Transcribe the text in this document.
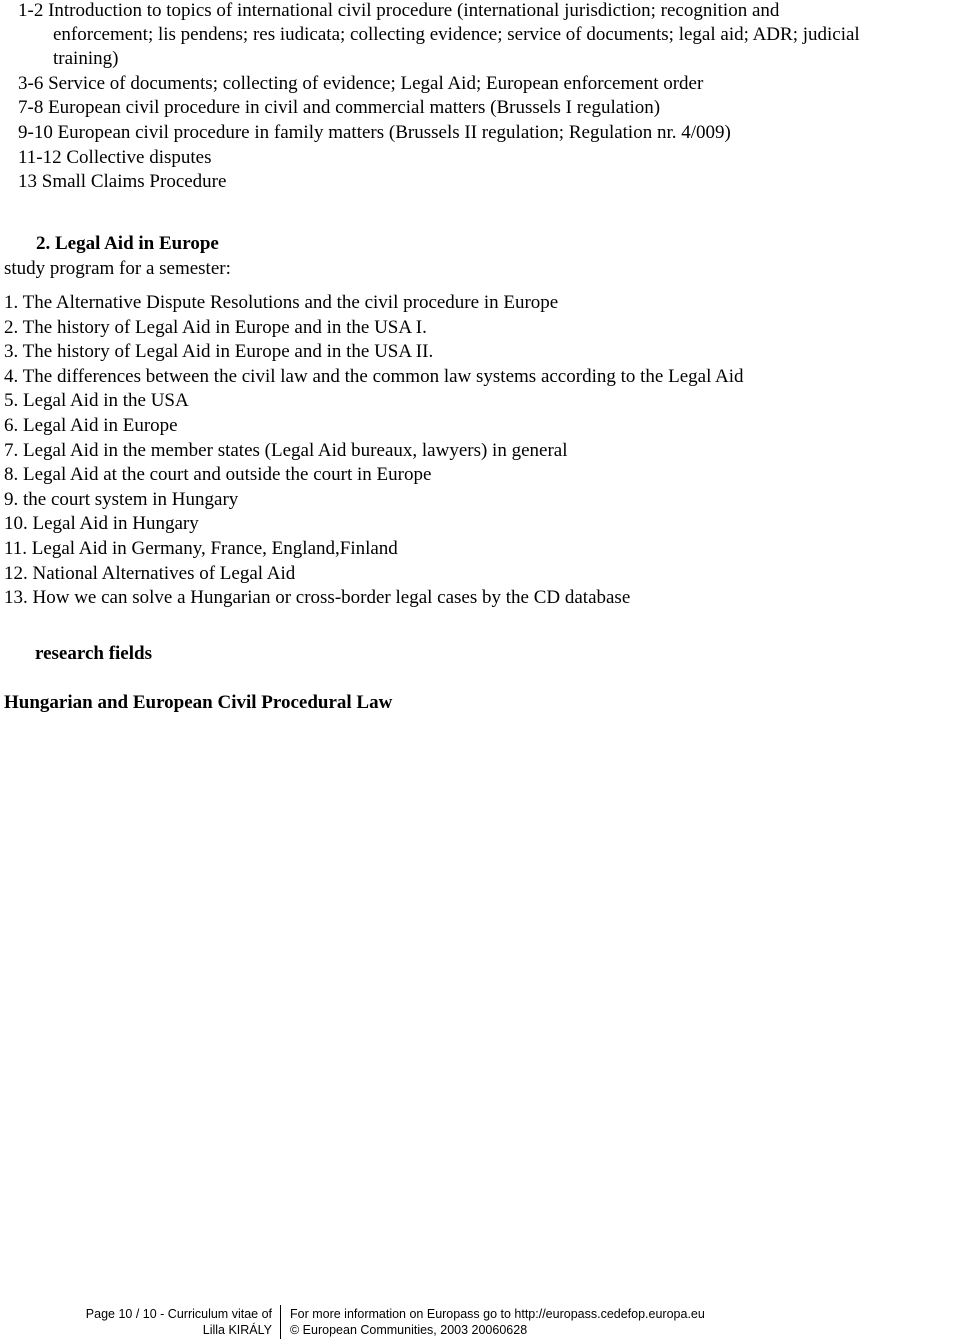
1-2 Introduction to topics of international civil procedure (international jurisdiction; recognition and

enforcement; lis pendens; res iudicata; collecting evidence; service of documents; legal aid; ADR; judicial

training)

3-6 Service of documents; collecting of evidence; Legal Aid; European enforcement order

7-8 European civil procedure in civil and commercial matters (Brussels I regulation)

9-10 European civil procedure in family matters (Brussels II regulation; Regulation nr. 4/009)

11-12 Collective disputes

13 Small Claims Procedure

2. Legal Aid in Europe

study program for a semester:

1. The Alternative Dispute Resolutions and the civil procedure in Europe

2. The history of Legal Aid in Europe and in the USA I.

3. The history of Legal Aid in Europe and in the USA II.

4. The differences between the civil law and the common law systems according to the Legal Aid

5. Legal Aid in the USA

6. Legal Aid in Europe

7. Legal Aid in the member states (Legal Aid bureaux, lawyers) in general

8. Legal Aid at the court and outside the court in Europe

9. the court system in Hungary

10. Legal Aid in Hungary

11. Legal Aid in Germany, France, England,Finland

12. National Alternatives of Legal Aid

13. How we can solve a Hungarian or cross-border legal cases by the CD database

research fields

Hungarian and European Civil Procedural Law

Page 10 / 10 - Curriculum vitae of
Lilla KIRÁLY
For more information on Europass go to http://europass.cedefop.europa.eu
© European Communities, 2003 20060628
